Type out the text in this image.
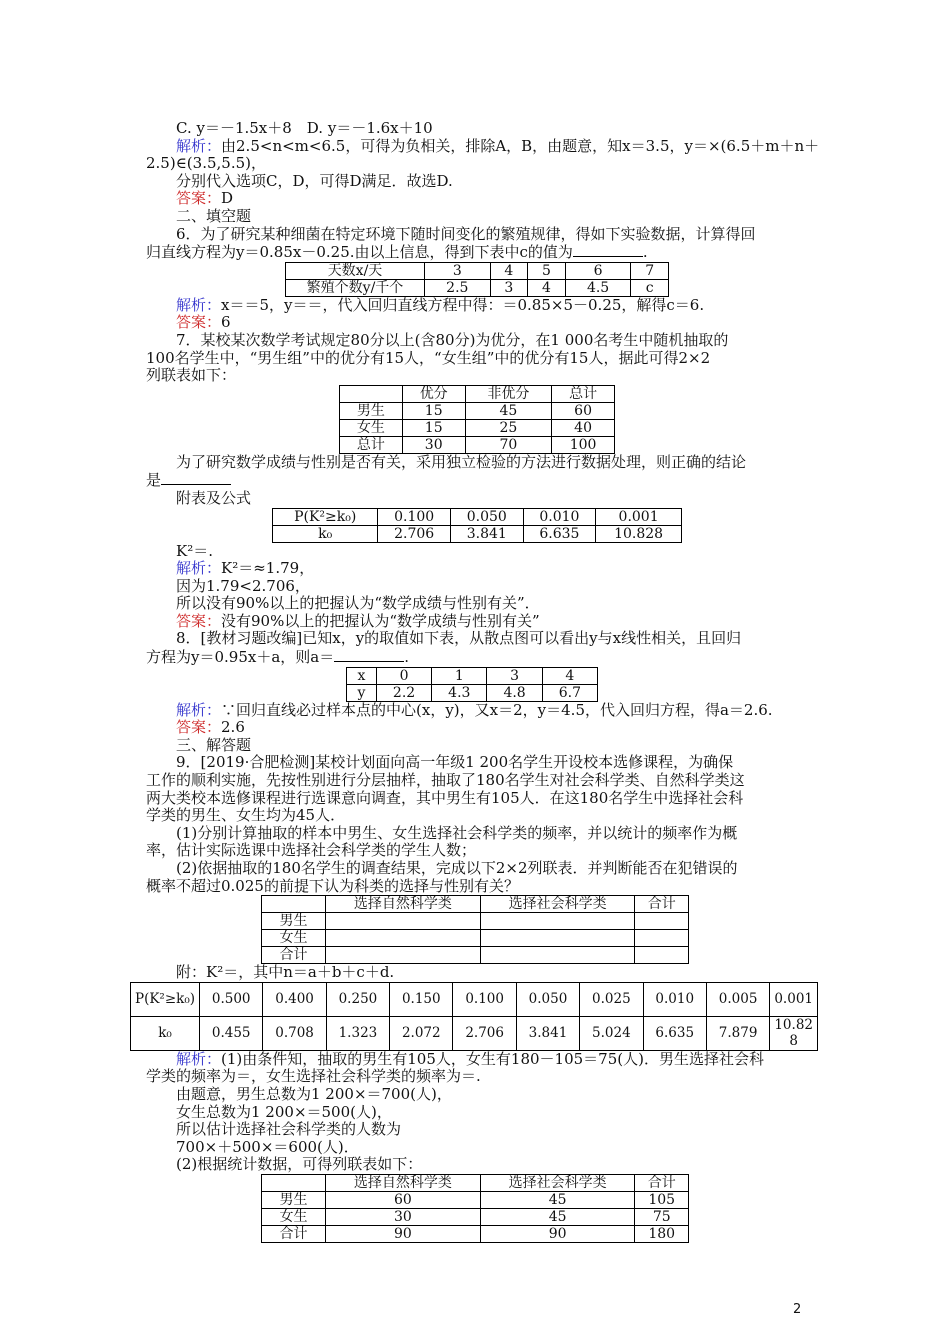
C. y＝－1.5x＋8　D. y＝－1.6x＋10

解析：由2.5<n<m<6.5，可得为负相关，排除A，B，由题意，知x＝3.5，y＝×(6.5＋m＋n＋

2.5)∈(3.5,5.5)，

分别代入选项C，D，可得D满足．故选D.

答案：D

二、填空题

6．为了研究某种细菌在特定环境下随时间变化的繁殖规律，得如下实验数据，计算得回

归直线方程为y＝0.85x－0.25.由以上信息，得到下表中c的值为	.

天数x/天	3	4	5	6	7
繁殖个数y/千个	2.5	3	4	4.5	c

解析：x＝＝5，y＝＝，代入回归直线方程中得：＝0.85×5－0.25，解得c＝6.

答案：6

7．某校某次数学考试规定80分以上(含80分)为优分，在1 000名考生中随机抽取的

100名学生中，“男生组”中的优分有15人，“女生组”中的优分有15人，据此可得2×2

列联表如下：

	优分	非优分	总计
男生	15	45	60
女生	15	25	40
总计	30	70	100

为了研究数学成绩与性别是否有关，采用独立检验的方法进行数据处理，则正确的结论

是

附表及公式

P(K²≥k₀)	0.100	0.050	0.010	0.001
k₀	2.706	3.841	6.635	10.828

K²＝.

解析：K²＝≈1.79，

因为1.79<2.706，

所以没有90%以上的把握认为“数学成绩与性别有关”．

答案：没有90%以上的把握认为“数学成绩与性别有关”

8．[教材习题改编]已知x，y的取值如下表，从散点图可以看出y与x线性相关，且回归

方程为y＝0.95x＋a，则a＝	.

x	0	1	3	4
y	2.2	4.3	4.8	6.7

解析：∵回归直线必过样本点的中心(x，y)，又x＝2，y＝4.5，代入回归方程，得a＝2.6.

答案：2.6

三、解答题

9．[2019·合肥检测]某校计划面向高一年级1 200名学生开设校本选修课程，为确保

工作的顺利实施，先按性别进行分层抽样，抽取了180名学生对社会科学类、自然科学类这

两大类校本选修课程进行选课意向调查，其中男生有105人．在这180名学生中选择社会科

学类的男生、女生均为45人．

(1)分别计算抽取的样本中男生、女生选择社会科学类的频率，并以统计的频率作为概

率，估计实际选课中选择社会科学类的学生人数；

(2)依据抽取的180名学生的调查结果，完成以下2×2列联表．并判断能否在犯错误的

概率不超过0.025的前提下认为科类的选择与性别有关？

	选择自然科学类	选择社会科学类	合计
男生			
女生			
合计			

附：K²＝，其中n＝a＋b＋c＋d.

P(K²≥k₀)	0.500	0.400	0.250	0.150	0.100	0.050	0.025	0.010	0.005	0.001
k₀	0.455	0.708	1.323	2.072	2.706	3.841	5.024	6.635	7.879	10.828

解析：(1)由条件知，抽取的男生有105人，女生有180－105＝75(人)．男生选择社会科

学类的频率为＝，女生选择社会科学类的频率为＝.

由题意，男生总数为1 200×＝700(人)，

女生总数为1 200×＝500(人)，

所以估计选择社会科学类的人数为

700×＋500×＝600(人)．

(2)根据统计数据，可得列联表如下：

	选择自然科学类	选择社会科学类	合计
男生	60	45	105
女生	30	45	75
合计	90	90	180
2
